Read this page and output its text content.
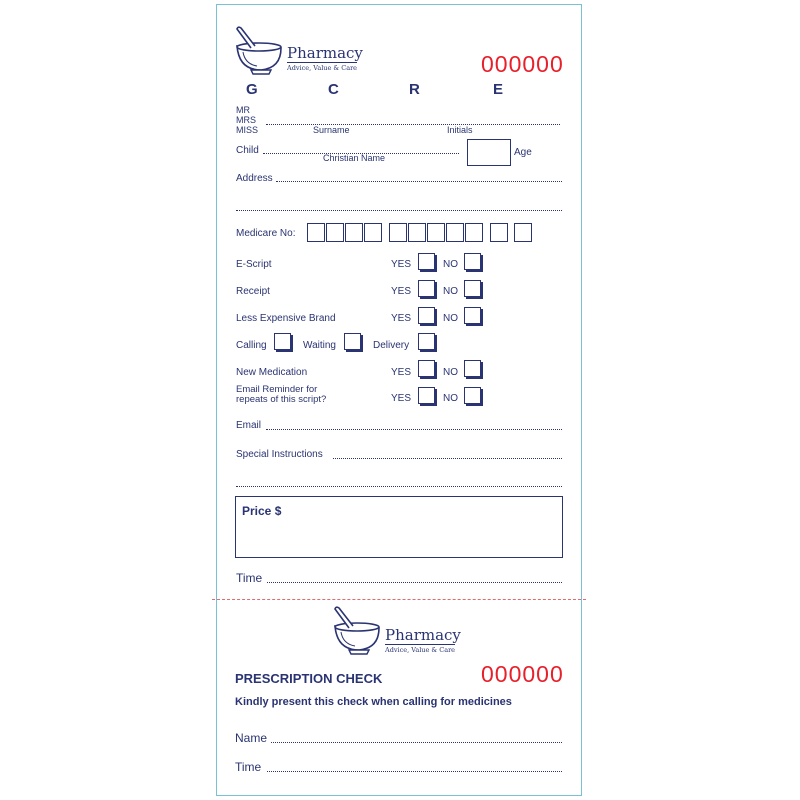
Pharmacy
Advice, Value & Care	000000
G	C	R	E
MR
MRS
MISS	Surname	Initials
Child
Christian Name	Age
Address
Medicare No:
E-Script	YES	NO
Receipt	YES	NO
Less Expensive Brand	YES	NO
Calling	Waiting	Delivery
New Medication	YES	NO
Email Reminder for
repeats of this script?	YES	NO
Email
Special Instructions
Price $
Time
Pharmacy
Advice, Value & Care
PRESCRIPTION CHECK	000000
Kindly present this check when calling for medicines
Name
Time
